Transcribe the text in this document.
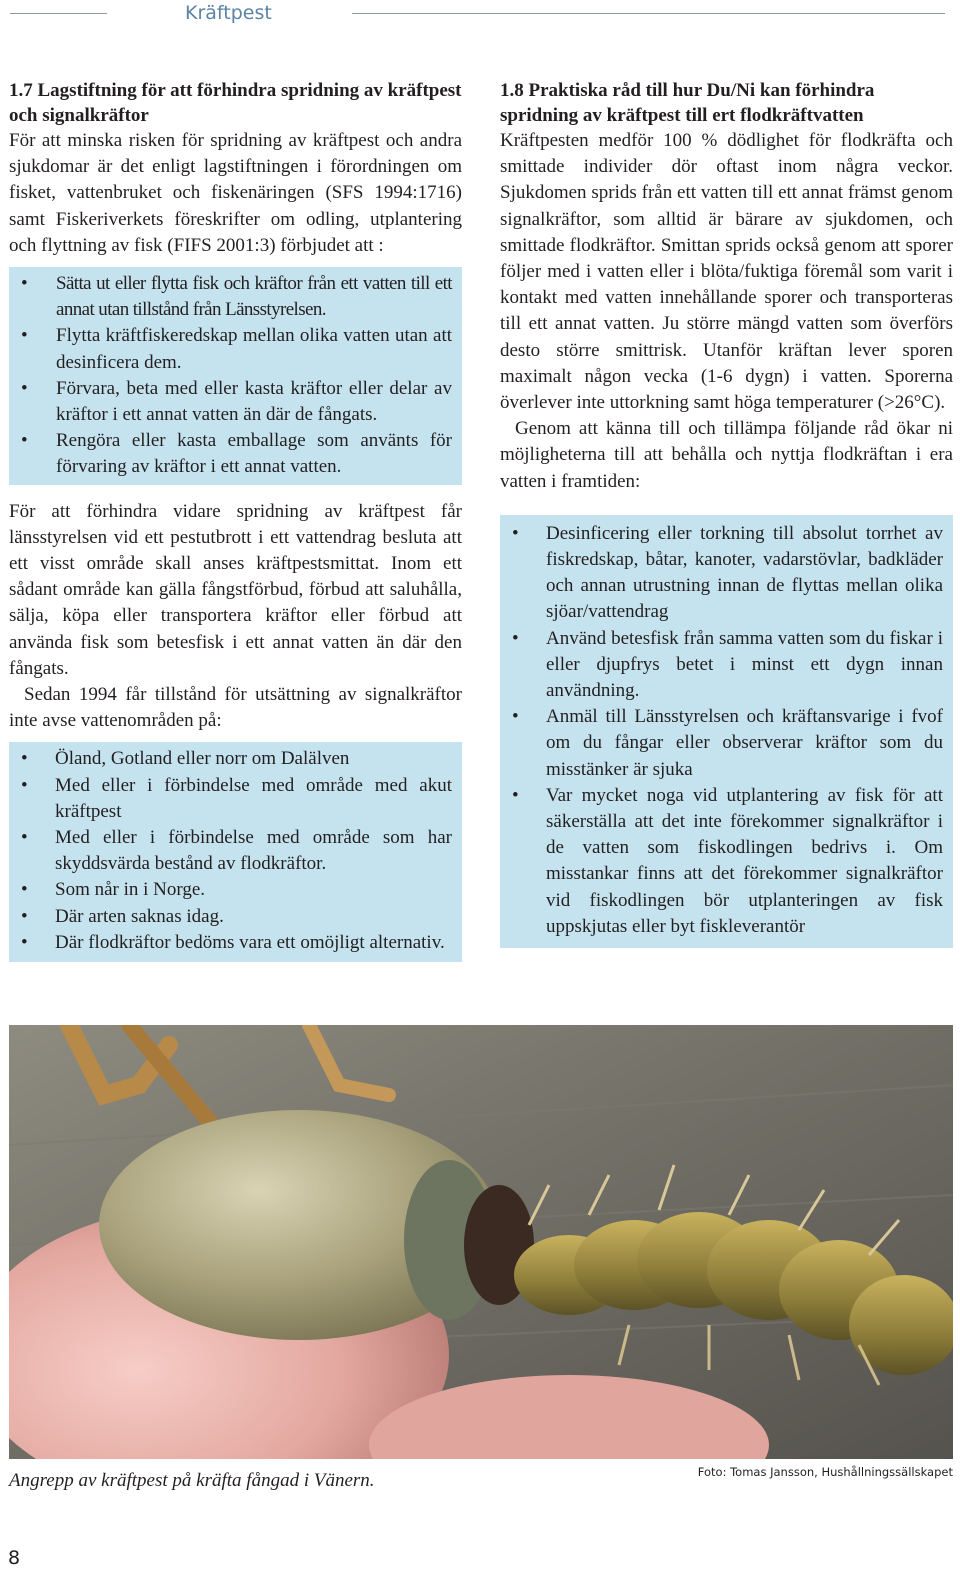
Kräftpest
1.7 Lagstiftning för att förhindra spridning av kräftpest och signalkräftor

För att minska risken för spridning av kräftpest och andra sjukdomar är det enligt lagstiftningen i förordningen om fisket, vattenbruket och fiskenäringen (SFS 1994:1716) samt Fiskeriverkets föreskrifter om odling, utplantering och flyttning av fisk (FIFS 2001:3) förbjudet att :

• Sätta ut eller flytta fisk och kräftor från ett vatten till ett annat utan tillstånd från Länsstyrelsen.
• Flytta kräftfiskeredskap mellan olika vatten utan att desinficera dem.
• Förvara, beta med eller kasta kräftor eller delar av kräftor i ett annat vatten än där de fångats.
• Rengöra eller kasta emballage som använts för förvaring av kräftor i ett annat vatten.

För att förhindra vidare spridning av kräftpest får länsstyrelsen vid ett pestutbrott i ett vattendrag besluta att ett visst område skall anses kräftpestsmittat. Inom ett sådant område kan gälla fångstförbud, förbud att saluhålla, sälja, köpa eller transportera kräftor eller förbud att använda fisk som betesfisk i ett annat vatten än där den fångats.

Sedan 1994 får tillstånd för utsättning av signalkräftor inte avse vattenområden på:

• Öland, Gotland eller norr om Dalälven
• Med eller i förbindelse med område med akut kräftpest
• Med eller i förbindelse med område som har skyddsvärda bestånd av flodkräftor.
• Som når in i Norge.
• Där arten saknas idag.
• Där flodkräftor bedöms vara ett omöjligt alternativ.
1.8 Praktiska råd till hur Du/Ni kan förhindra spridning av kräftpest till ert flodkräftvatten

Kräftpesten medför 100 % dödlighet för flodkräfta och smittade individer dör oftast inom några veckor. Sjukdomen sprids från ett vatten till ett annat främst genom signalkräftor, som alltid är bärare av sjukdomen, och smittade flodkräftor. Smittan sprids också genom att sporer följer med i vatten eller i blöta/fuktiga föremål som varit i kontakt med vatten innehållande sporer och transporteras till ett annat vatten. Ju större mängd vatten som överförs desto större smittrisk. Utanför kräftan lever sporen maximalt någon vecka (1-6 dygn) i vatten. Sporerna överlever inte uttorkning samt höga temperaturer (>26°C).

Genom att känna till och tillämpa följande råd ökar ni möjligheterna till att behålla och nyttja flodkräftan i era vatten i framtiden:

• Desinficering eller torkning till absolut torrhet av fiskredskap, båtar, kanoter, vadarstövlar, badkläder och annan utrustning innan de flyttas mellan olika sjöar/vattendrag
• Använd betesfisk från samma vatten som du fiskar i eller djupfrys betet i minst ett dygn innan användning.
• Anmäl till Länsstyrelsen och kräftansvarige i fvof om du fångar eller observerar kräftor som du misstänker är sjuka
• Var mycket noga vid utplantering av fisk för att säkerställa att det inte förekommer signalkräftor i de vatten som fiskodlingen bedrivs i. Om misstankar finns att det förekommer signalkräftor vid fiskodlingen bör utplanteringen av fisk uppskjutas eller byt fiskleverantör
Angrepp av kräftpest på kräfta fångad i Vänern.	Foto: Tomas Jansson, Hushållningssällskapet
8
